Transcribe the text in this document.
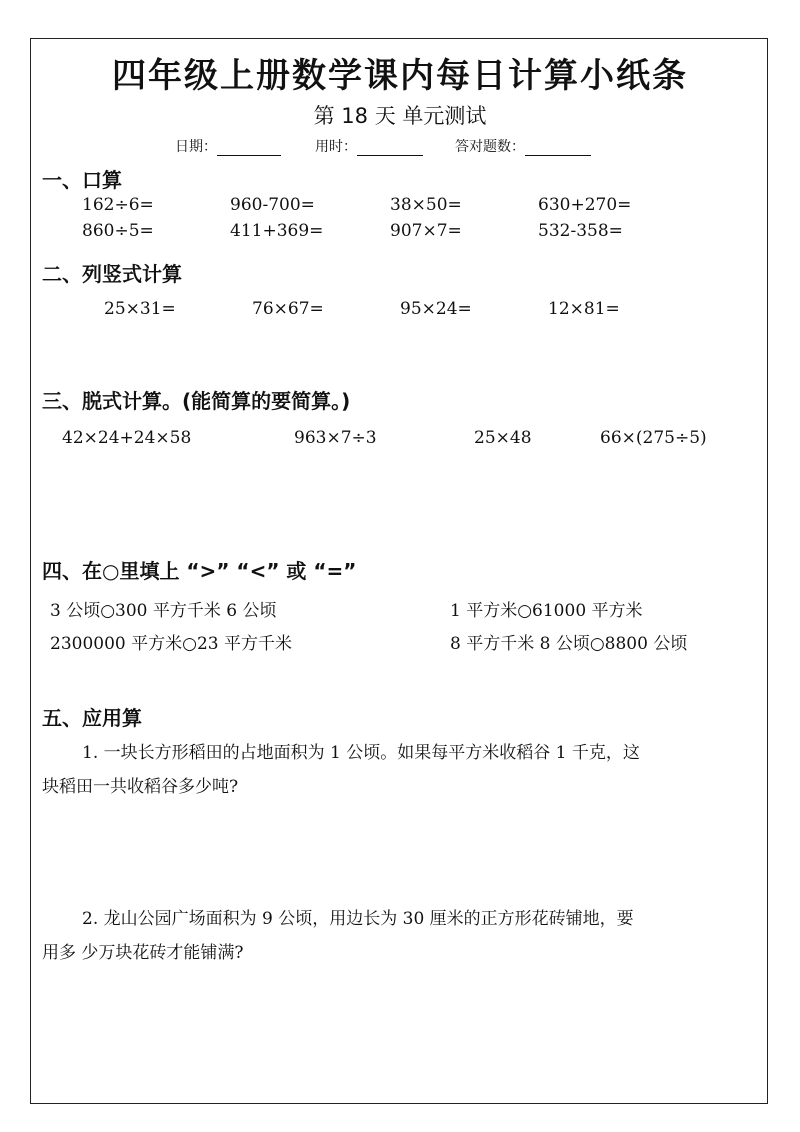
四年级上册数学课内每日计算小纸条
第 18 天 单元测试
日期：	用时：	答对题数：
一、口算
162÷6=	960-700=	38×50=	630+270=
860÷5=	411+369=	907×7=	532-358=
二、列竖式计算
25×31=	76×67=	95×24=	12×81=
三、脱式计算。(能简算的要简算。)
42×24+24×58	963×7÷3	25×48	66×(275÷5)
四、在○里填上 “>” “<” 或 “=”
3 公顷○300 平方千米 6 公顷	1 平方米○61000 平方米
2300000 平方米○23 平方千米	8 平方千米 8 公顷○8800 公顷
五、应用算
1. 一块长方形稻田的占地面积为 1 公顷。如果每平方米收稻谷 1 千克，这
块稻田一共收稻谷多少吨?
2. 龙山公园广场面积为 9 公顷，用边长为 30 厘米的正方形花砖铺地，要
用多 少万块花砖才能铺满?
